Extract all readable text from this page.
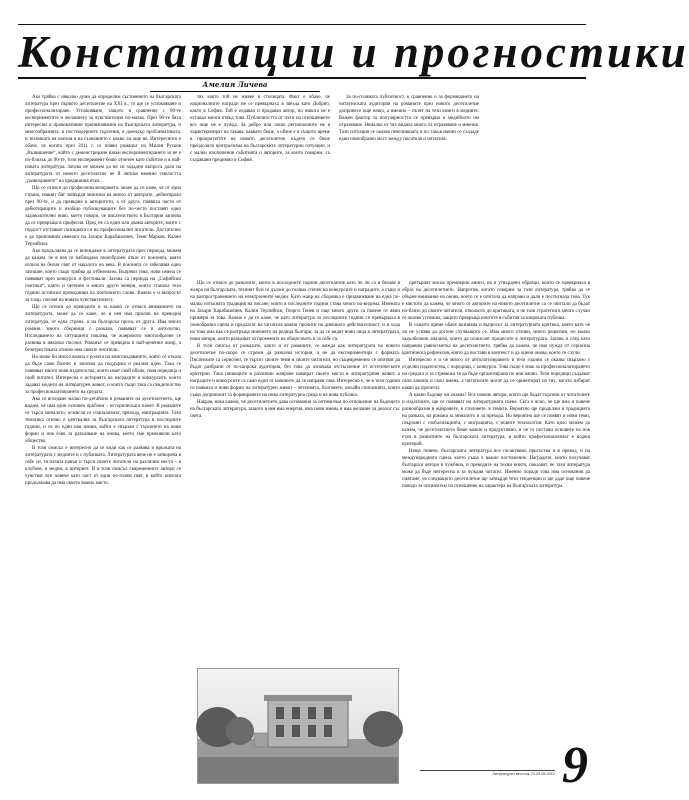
Констатации и прогностики
Амелия Личева

Ако трябва с няколко думи да определим състоянието на българската литература през първото десетилетие на XXI в., то ще се успокояване и професионализиране. Успокояване, защото в сравнение с 90-те експериментите и желанието за чувствително по-малко. През 90-те бяха интересни и провокативни преиначавания на българската литература, и многообразията, и постмодерните търсения, и джендър проблематиката, и техниката на поезия и на съзнанието с какво ли още не. Интересното е обаче, че когато през 2011 г. се появи романът на Милен Русков „Възвишение“, който с демонстриране извън експериментирането за не е по-близък до 90-те, този експеримент беше отчетен като събитие и в най-новата литература. Затова не можем да не си зададем въпроса дали на литературата от новото десетилетие не й липсва именно смелостта „развихрянето“ на предишния етап.

Що се отнася до професионализирането, може да се каже, че от една страна, новият бяг затвърди мнозина на много от авторите, дебютирали през 90-те, и да превърне в авторитети, а от друга, появиха части от дебютиращите и изобщо публикуващите без по-често поставят едно задоволително ниво, което говори, че писателството в България започва да се превръща в професия. Пред не са един или двама авторите, които с гордост отстояват позицията си на професионални писатели. Достатъчно е да припомним имената на Захари Карабашлиев, Теми Марков, Калин Терзийски.

Ако продължим да се вглеждаме в литературата през периода, можем да кажем, че в нея се наблюдава своеобразен отказ от поезията, която излиза на белия свят от началото на века. В поезията се забелязва едно затишие, което също трябва да отбележим. Въпреки това, нови имена се появяват през конкурси и фестивали. Затова са периода на „Софийски поетики“, както и четения и много други вечери, които станаха тези години истински проводници на поетичното слово. Важно е и въпросът за т.нар. поезия на новата чувствителност.

Що се отнася до преводите и за какво се отнася вниманието на литературата, може да се каже, че в нея има прилив на преводна литература, от една страна, и на българска проза, от друга. Има много романи, много сборници с разкази, появяват се и антологии. Изследването на ситуацията показва, че жанровото многообразие се развива в няколко посоки. Романът се превърна в най-ценения жанр, а белетристиката отново има своите читатели.

Но може би много важна е ролята на книгоиздаването, която се отказа да бъде само бизнес и започна да поддържа и реални идеи. Така се появяват много нови издателства, които имат свой облик, своя поредица и свой читател. Интересна е историята на наградите и конкурсите, които задават модели на литературен живот, и които също така са свидетелство за професионализирането на средата.

Ако се вгледаме малко по-детайлно в романите на десетилетието, ще видим, че има един основен проблем – историческата памет. В романите се търси миналото, осмисля се социализмът, прехода, емиграцията. Тази тематика отново е централна за българската литература в последните години, и то по един нов начин, който е свързан с търсенето на нови форми и нов език за разказване на онова, което сме преживели като общество.

В този смисъл е интересно да се види как се развива и връзката на литературата с медиите и с публиката. Литературата вече не е затворена в себе си, тя излиза навън и търси своите читатели на различни места – в клубове, в медии, в интернет. И в този смисъл съвременните автори се чувстват все повече като част от един по-голям свят, в който книгата продължава да има своето важно място.

тях както той не живее в столицата. Факт е обаче, че националните награди не се превърнаха в звезда като Добрич, както в София. Той е издаван и продаван автор, но никога не е оставал много отвъд това. Публичността от пъти на отношението все още не е чужда. За добро или лошо регионалните не я характеризират на такава, каквато беше, а обаче е в същото време в приоритетите на новото десетилетие, където се беше преодоляло централизма на българските литературни ситуации, и с малки изключения събитията и авторите, за които говорим, са създавани предимно в София.

За по-голямата публичност, в сравнение и за формирането на читателската аудитория на романите през новото десетилетие допринесе още нещо, а именно – пътят на тези книги в медиите. Важен фактор за популярността се превърна и медийното им отразяване. Немалко от тях видяха много от отразяване и мнения. Тази ситуация се оказва печелившата и по такъв начин се създаде един своеобразен мост между писателя и читателя.

Що се отнася до разказите, които в последните години десетилетие като че ли са в бяхаве в жанра на българската, техният бум се дължи до голяма степен на конкурсите и наградите, а също и на разпространението на електронните медии. Като жанр на сборника е придвижване на една по-малко изтъкната традиция на писане, която в последните години стана много по-видима. Имената на Захари Карабашлиев, Калин Терзийски, Георги Тенев и още много други са повече от явни примери за това. Важно е да се каже, че като литература за последните години се превърнаха в своеобразна сцена и предлагат на читателя важни прочити на днешната действителност, и в хода на това има как се разгръща мнението на редица българи, за да се видят нови лица в литературата, нови автори, които разказват за промените на обществото и за себе си.

В този смисъл от разказите, както и от романите, се вижда как литературата на новото десетилетие по-скоро се стреми да разказва истории, а не да експериментира с формата. Писателите са сериозни, те търсят своите теми и своите читатели, но същевременно се опитват да бъдат разбрани от по-широка аудитория, без това да означава отстъпление от естетическите критерии. Така пишещите в различни жанрове намират своето място в литературния живот, а наградите и конкурсите са само един от начините да се направи това. Интересно е, че в тези години се появиха и нови форми на литературен живот – четенията, блоговете, онлайн списанията, които също допринасят за формирането на нова литературна среда и на нова публика.

Накрая, нека кажем, че десетилетието дава основания за оптимизъм по отношение на бъдещето на българската литература, защото в нея има енергия, има нови имена и има желание за диалог със света.

претърпят масов премиерни книги, но и утвърдени образци, които се превърнаха в образ на десетилетието. Напротив, когато говорим за тази литература, трябва да се обърне внимание на онова, което се е опитала да направи и дали е постигнала това. Тук е мястото да кажем, че много от авторите на новото десетилетие са се опитали да бъдат по-близо до своите читатели, отколкото до критиката, и че тази стратегия в много случаи се оказва успешна, защото превръща книгите в събития за широката публика.

В същото време обаче възниква и въпросът за литературната критика, която като че ли не успява да догони случващото се. Има много отзиви, много рецензии, но малко задълбочени анализи, които да осмислят процесите в литературата. Затова и след като направим равносметка на десетилетието, трябва да кажем, че има нужда от сериозна критическа рефлексия, която да постави в контекст и да оцени онова, което се случи.

Интересно е и че много от антологизирането в тези години се оказва свързано с отделни издателства, с поредици, с конкурси. Това също е знак за професионализирането на средата и за стремежа тя да бъде организирана по нов начин. Тези поредици създават свои канони и свои имена, а читателите могат да се ориентират по тях, когато избират какво да прочетат.

А какво бъдеще ни очаква? Все повече автори, които ще бъдат търсени от читателите и издателите, ще се появяват на литературната сцена. Сега е ясно, че ще има и повече разнообразие в жанровете, в стиловете, в темите. Вероятно ще продължи и традицията на разказа, на романа за миналото и за прехода. Но вероятно ще се появят и нови теми, свързани с глобализацията, с миграцията, с новите технологии. Като цяло можем да кажем, че десетилетието беше важно и продуктивно, и че то постави основите на нов етап в развитието на българската литература, в който професионализмът е водещ критерий.

Нещо повече, българската литература все по-активно присъства и в превод, и на международната сцена, което също е важно постижение. Наградите, които получават български автори в чужбина, и преводите на техни книги, показват, че тази литература може да бъде интересна и за чуждия читател. Именно поради това има основания да смятаме, че следващото десетилетие ще затвърди тези тенденции и ще даде още повече поводи за оптимизъм по отношение на характера на българската литература.

Литературен вестник 23-29.05.2012 9
